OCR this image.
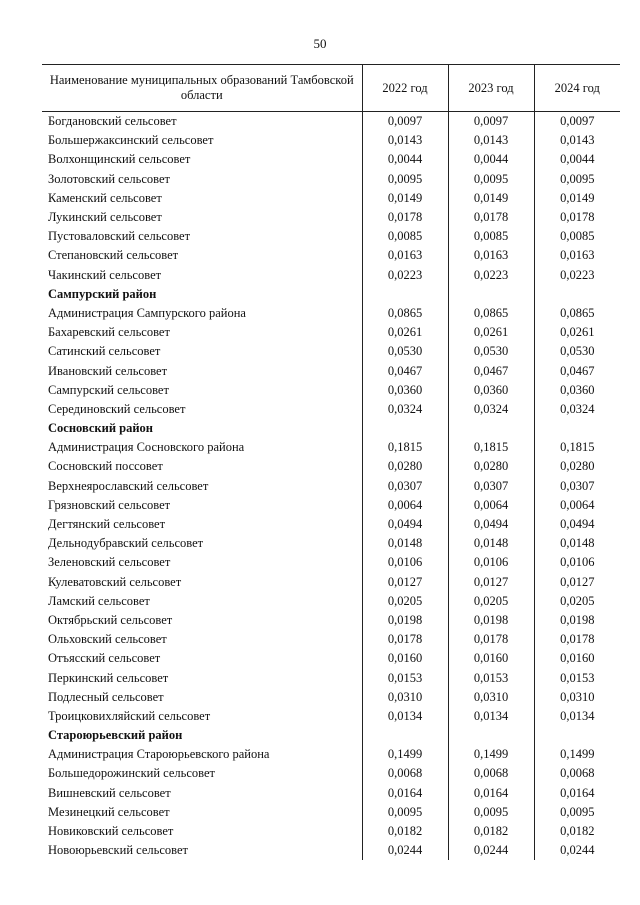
50
Наименование муниципальных образований Тамбовской области	2022 год	2023 год	2024 год
Богдановский сельсовет	0,0097	0,0097	0,0097
Большержаксинский сельсовет	0,0143	0,0143	0,0143
Волхонщинский сельсовет	0,0044	0,0044	0,0044
Золотовский сельсовет	0,0095	0,0095	0,0095
Каменский сельсовет	0,0149	0,0149	0,0149
Лукинский сельсовет	0,0178	0,0178	0,0178
Пустоваловский сельсовет	0,0085	0,0085	0,0085
Степановский сельсовет	0,0163	0,0163	0,0163
Чакинский сельсовет	0,0223	0,0223	0,0223
Сампурский район			
Администрация Сампурского района	0,0865	0,0865	0,0865
Бахаревский сельсовет	0,0261	0,0261	0,0261
Сатинский сельсовет	0,0530	0,0530	0,0530
Ивановский сельсовет	0,0467	0,0467	0,0467
Сампурский сельсовет	0,0360	0,0360	0,0360
Серединовский сельсовет	0,0324	0,0324	0,0324
Сосновский район			
Администрация Сосновского района	0,1815	0,1815	0,1815
Сосновский поссовет	0,0280	0,0280	0,0280
Верхнеярославский сельсовет	0,0307	0,0307	0,0307
Грязновский сельсовет	0,0064	0,0064	0,0064
Дегтянский сельсовет	0,0494	0,0494	0,0494
Дельнодубравский сельсовет	0,0148	0,0148	0,0148
Зеленовский сельсовет	0,0106	0,0106	0,0106
Кулеватовский сельсовет	0,0127	0,0127	0,0127
Ламский сельсовет	0,0205	0,0205	0,0205
Октябрьский сельсовет	0,0198	0,0198	0,0198
Ольховский сельсовет	0,0178	0,0178	0,0178
Отъясский сельсовет	0,0160	0,0160	0,0160
Перкинский сельсовет	0,0153	0,0153	0,0153
Подлесный сельсовет	0,0310	0,0310	0,0310
Троицковихляйский сельсовет	0,0134	0,0134	0,0134
Староюрьевский район			
Администрация Староюрьевского района	0,1499	0,1499	0,1499
Большедорожинский сельсовет	0,0068	0,0068	0,0068
Вишневский сельсовет	0,0164	0,0164	0,0164
Мезинецкий сельсовет	0,0095	0,0095	0,0095
Новиковский сельсовет	0,0182	0,0182	0,0182
Новоюрьевский сельсовет	0,0244	0,0244	0,0244
